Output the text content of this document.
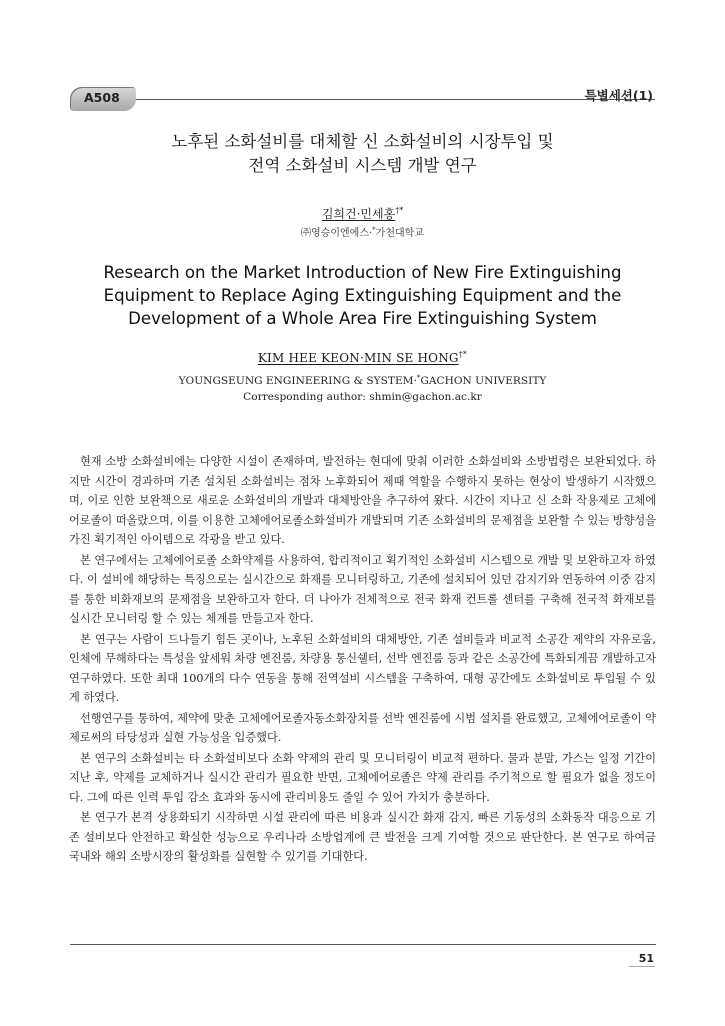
A508	특별세션(1)
노후된 소화설비를 대체할 신 소화설비의 시장투입 및
전역 소화설비 시스템 개발 연구
김희건·민세홍†*
㈜영승이엔에스·*가천대학교
Research on the Market Introduction of New Fire Extinguishing
Equipment to Replace Aging Extinguishing Equipment and the
Development of a Whole Area Fire Extinguishing System
KIM HEE KEON·MIN SE HONG†*
YOUNGSEUNG ENGINEERING & SYSTEM·*GACHON UNIVERSITY
Corresponding author: shmin@gachon.ac.kr

현재 소방 소화설비에는 다양한 시설이 존재하며, 발전하는 현대에 맞춰 이러한 소화설비와 소방법령은 보완되었다. 하지만 시간이 경과하며 기존 설치된 소화설비는 점차 노후화되어 제때 역할을 수행하지 못하는 현상이 발생하기 시작했으며, 이로 인한 보완책으로 새로운 소화설비의 개발과 대체방안을 추구하여 왔다. 시간이 지나고 신 소화 작용제로 고체에어로졸이 떠올랐으며, 이를 이용한 고체에어로졸소화설비가 개발되며 기존 소화설비의 문제점을 보완할 수 있는 방향성을 가진 획기적인 아이템으로 각광을 받고 있다.

본 연구에서는 고체에어로졸 소화약제를 사용하여, 합리적이고 획기적인 소화설비 시스템으로 개발 및 보완하고자 하였다. 이 설비에 해당하는 특징으로는 실시간으로 화재를 모니터링하고, 기존에 설치되어 있던 감지기와 연동하여 이중 감지를 통한 비화재보의 문제점을 보완하고자 한다. 더 나아가 전체적으로 전국 화재 컨트롤 센터를 구축해 전국적 화재보를 실시간 모니터링 할 수 있는 체계를 만들고자 한다.

본 연구는 사람이 드나들기 힘든 곳이나, 노후된 소화설비의 대체방안, 기존 설비들과 비교적 소공간 제약의 자유로움, 인체에 무해하다는 특성을 앞세워 차량 엔진룸, 차량용 통신쉘터, 선박 엔진룸 등과 같은 소공간에 특화되게끔 개발하고자 연구하였다. 또한 최대 100개의 다수 연동을 통해 전역설비 시스템을 구축하여, 대형 공간에도 소화설비로 투입될 수 있게 하였다.

선행연구를 통하여, 제약에 맞춘 고체에어로졸자동소화장치를 선박 엔진룸에 시범 설치를 완료했고, 고체에어로졸이 약제로써의 타당성과 실현 가능성을 입증했다.

본 연구의 소화설비는 타 소화설비보다 소화 약제의 관리 및 모니터링이 비교적 편하다. 물과 분말, 가스는 일정 기간이 지난 후, 약제를 교체하거나 실시간 관리가 필요한 반면, 고체에어로졸은 약제 관리를 주기적으로 할 필요가 없을 정도이다. 그에 따른 인력 투입 감소 효과와 동시에 관리비용도 줄일 수 있어 가치가 충분하다.

본 연구가 본격 상용화되기 시작하면 시설 관리에 따른 비용과 실시간 화재 감지, 빠른 기동성의 소화동작 대응으로 기존 설비보다 안전하고 확실한 성능으로 우리나라 소방업계에 큰 발전을 크게 기여할 것으로 판단한다. 본 연구로 하여금 국내와 해외 소방시장의 활성화를 실현할 수 있기를 기대한다.

51
